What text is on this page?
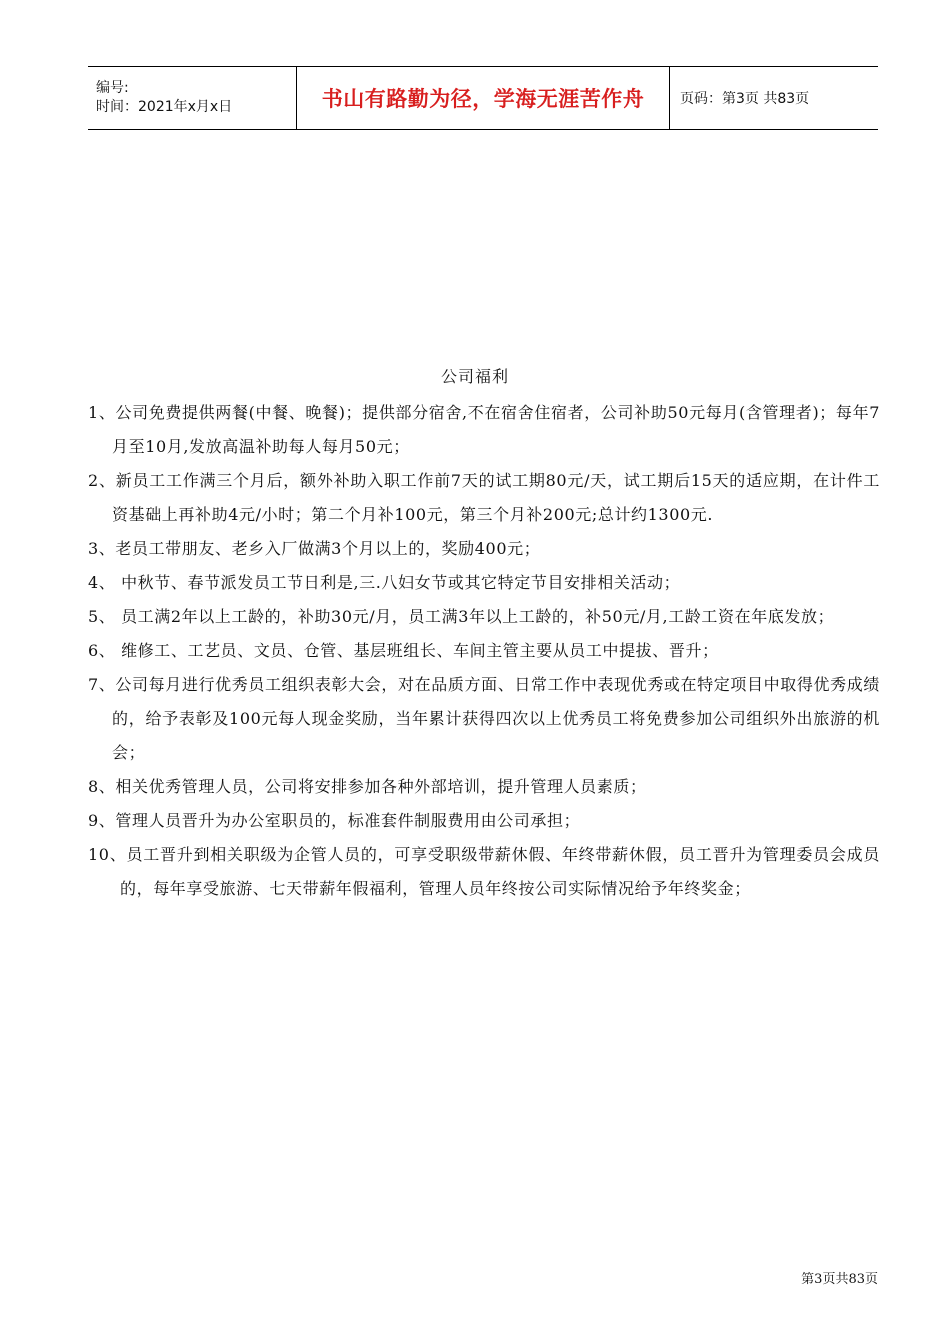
编号:
时间：2021年x月x日	书山有路勤为径，学海无涯苦作舟	页码：第3页 共83页
公司福利

1、公司免费提供两餐(中餐、晚餐)；提供部分宿舍,不在宿舍住宿者，公司补助50元每月(含管理者)；每年7月至10月,发放高温补助每人每月50元；

2、新员工工作满三个月后，额外补助入职工作前7天的试工期80元/天，试工期后15天的适应期，在计件工资基础上再补助4元/小时；第二个月补100元，第三个月补200元;总计约1300元.

3、老员工带朋友、老乡入厂做满3个月以上的，奖励400元；

4、 中秋节、春节派发员工节日利是,三.八妇女节或其它特定节目安排相关活动；

5、 员工满2年以上工龄的，补助30元/月，员工满3年以上工龄的，补50元/月,工龄工资在年底发放；

6、 维修工、工艺员、文员、仓管、基层班组长、车间主管主要从员工中提拔、晋升；

7、公司每月进行优秀员工组织表彰大会，对在品质方面、日常工作中表现优秀或在特定项目中取得优秀成绩的，给予表彰及100元每人现金奖励，当年累计获得四次以上优秀员工将免费参加公司组织外出旅游的机会；

8、相关优秀管理人员，公司将安排参加各种外部培训，提升管理人员素质；

9、管理人员晋升为办公室职员的，标准套件制服费用由公司承担；

10、员工晋升到相关职级为企管人员的，可享受职级带薪休假、年终带薪休假，员工晋升为管理委员会成员的，每年享受旅游、七天带薪年假福利，管理人员年终按公司实际情况给予年终奖金；

第3页共83页
